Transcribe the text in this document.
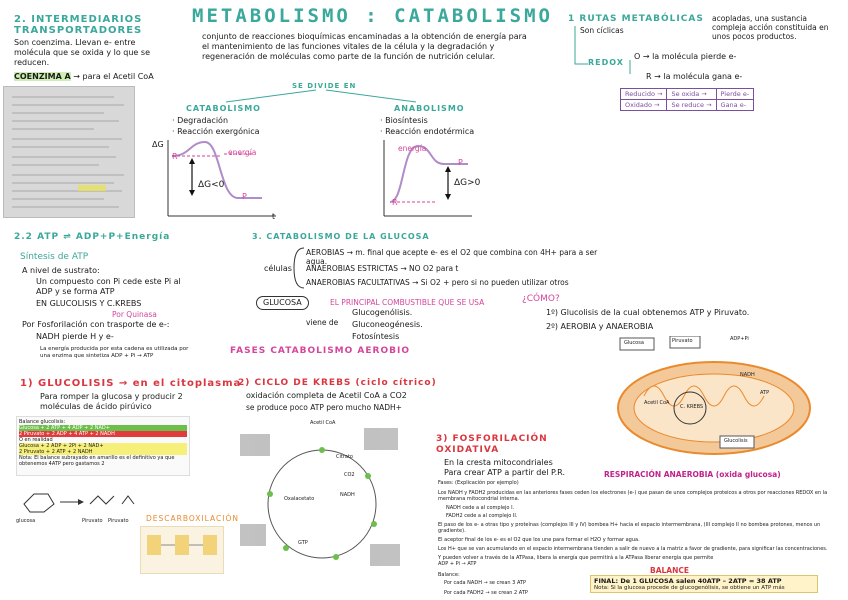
METABOLISMO : CATABOLISMO
conjunto de reacciones bioquímicas encaminadas a la obtención de energía para el mantenimiento de las funciones vitales de la célula y la degradación y regeneración de moléculas como parte de la función de nutrición celular.
SE DIVIDE EN
2. INTERMEDIARIOS TRANSPORTADORES
Son coenzima. Llevan e- entre molécula que se oxida y lo que se reducen.
COENZIMA A → para el Acetil CoA
1 RUTAS METABÓLICAS
Son cíclicas
acopladas, una sustancia compleja acción constituida en unos pocos productos.
REDOX
O → la molécula pierde e-
R → la molécula gana e-
Reducido →	Se oxida →	Pierde e-
Oxidado →	Se reduce →	Gana e-
CATABOLISMO
· Degradación
· Reacción exergónica
ΔG
R
P
ΔG<0
energía
t
ANABOLISMO
· Biosíntesis
· Reacción endotérmica
R
P
ΔG>0
energía
2.2 ATP ⇌ ADP+P+Energía
Síntesis de ATP
A nivel de sustrato:
Un compuesto con Pi cede este Pi al ADP y se forma ATP
EN GLUCOLISIS Y C.KREBS
Por Quinasa
Por Fosforilación con trasporte de e-:
NADH pierde H y e-
La energía producida por esta cadena es utilizada por una enzima que sintetiza ADP + Pi → ATP
3. CATABOLISMO DE LA GLUCOSA
células
AEROBIAS → m. final que acepte e- es el O2 que combina con 4H+ para a ser agua.
ANAEROBIAS ESTRICTAS → NO O2 para t
ANAEROBIAS FACULTATIVAS → Si O2 + pero si no pueden utilizar otros
GLUCOSA	EL PRINCIPAL COMBUSTIBLE QUE SE USA	¿CÓMO?
viene de
Glucogenólisis.
Gluconeogénesis.
Fotosíntesis
1º) Glucolisis de la cual obtenemos ATP y Piruvato.
2º) AEROBIA y ANAEROBIA
FASES CATABOLISMO AEROBIO
1) GLUCOLISIS → en el citoplasma
Para romper la glucosa y producir 2 moléculas de ácido pirúvico
Balance glucolisis:
Glucosa + 2 ATP + 4 ADP + 2 NAD+
2 Piruvato + 2 ADP + 4 ATP + 2 NADH
O en realidad
Glucosa + 2 ADP + 2Pi + 2 NAD+
2 Piruvato + 2 ATP + 2 NADH
Nota: El balance subrayado en amarillo es el definitivo ya que obtenemos 4ATP pero gastamos 2
glucosa	Piruvato Piruvato DESCARBOXILACIÓN
2) CICLO DE KREBS (ciclo cítrico)
oxidación completa de Acetil CoA a CO2
se produce poco ATP pero mucho NADH+
Acetil CoA
Oxalacetato
Citrato
NADH
CO2
GTP
3) FOSFORILACIÓN OXIDATIVA
En la cresta mitocondriales
Para crear ATP a partir del P.R.
Fases: (Explicación por ejemplo)
Los NADH y FADH2 producidas en las anteriores fases ceden los electrones (e-) que pasan de unos complejos proteicos a otros por reacciones REDOX en la membrana mitocondrial interna.
NADH cede a al complejo I.
FADH2 cede a al complejo II.
El paso de los e- a otras tipo y proteínas (complejos III y IV) bombea H+ hacia el espacio intermembrana, (III complejo II no bombea protones, menos un gradiente).
El aceptor final de los e- es el O2 que los une para formar el H2O y formar agua.
Los H+ que se van acumulando en el espacio intermembrana tienden a salir de nuevo a la matriz a favor de gradiente, para significar las concentraciones.
Y pueden volver a través de la ATPasa, libera la energía que permitirá a la ATPasa liberar energía que permite
ADP + Pi → ATP
Balance:
Por cada NADH → se crean 3 ATP
Por cada FADH2 → se crean 2 ATP
BALANCE
FINAL: De 1 GLUCOSA salen 40ATP – 2ATP = 38 ATP
Nota: Si la glucosa procede de glucogenólisis, se obtiene un ATP más
Glucosa	Piruvato
C. KREBS
ADP+Pi
Glucolisis
Acetil CoA
ATP
NADH
RESPIRACIÓN ANAEROBIA (oxida glucosa)
